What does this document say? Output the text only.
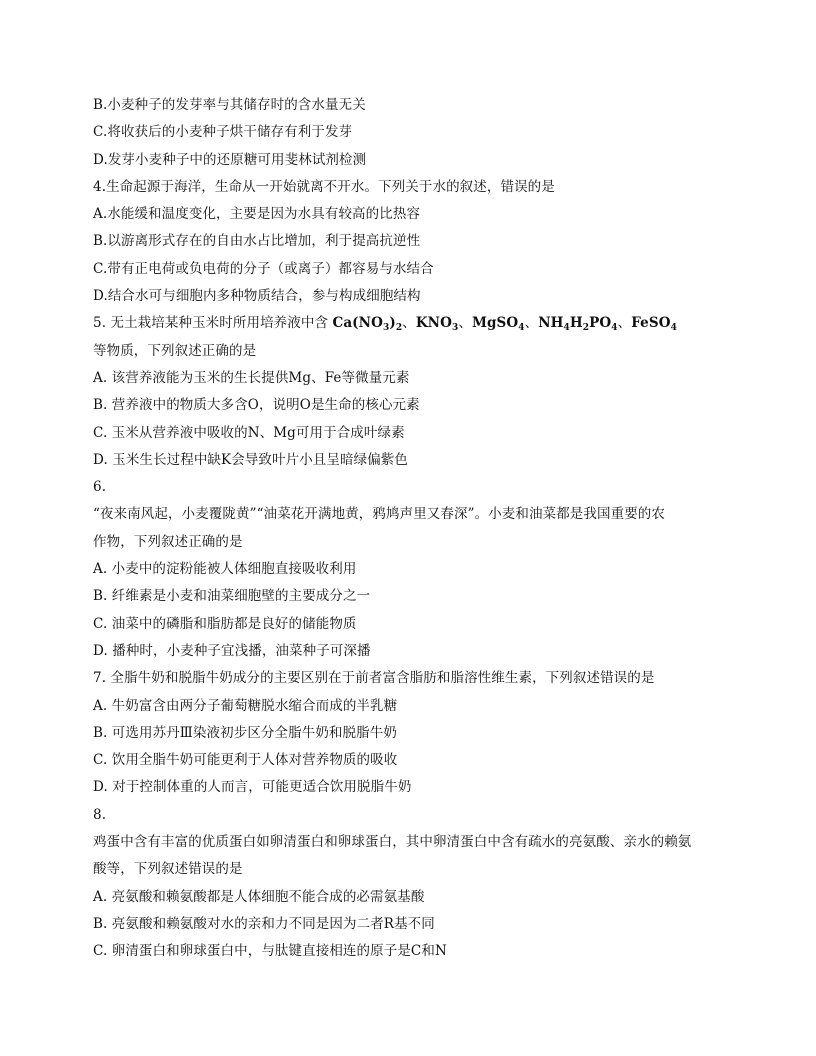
B.小麦种子的发芽率与其储存时的含水量无关
C.将收获后的小麦种子烘干储存有利于发芽
D.发芽小麦种子中的还原糖可用斐林试剂检测
4.生命起源于海洋，生命从一开始就离不开水。下列关于水的叙述，错误的是
A.水能缓和温度变化，主要是因为水具有较高的比热容
B.以游离形式存在的自由水占比增加，利于提高抗逆性
C.带有正电荷或负电荷的分子（或离子）都容易与水结合
D.结合水可与细胞内多种物质结合，参与构成细胞结构
5. 无土栽培某种玉米时所用培养液中含 $Ca(NO_3)_2$、$KNO_3$、MgSO$_4$、$NH_4H_2PO_4$、FeSO$_4$
等物质，下列叙述正确的是
A. 该营养液能为玉米的生长提供Mg、Fe等微量元素
B. 营养液中的物质大多含O，说明O是生命的核心元素
C. 玉米从营养液中吸收的N、Mg可用于合成叶绿素
D. 玉米生长过程中缺K会导致叶片小且呈暗绿偏紫色
6.
“夜来南风起，小麦覆陇黄”“油菜花开满地黄，鸦鸠声里又春深”。小麦和油菜都是我国重要的农
作物，下列叙述正确的是
A. 小麦中的淀粉能被人体细胞直接吸收利用
B. 纤维素是小麦和油菜细胞壁的主要成分之一
C. 油菜中的磷脂和脂肪都是良好的储能物质
D. 播种时，小麦种子宜浅播，油菜种子可深播
7. 全脂牛奶和脱脂牛奶成分的主要区别在于前者富含脂肪和脂溶性维生素，下列叙述错误的是
A. 牛奶富含由两分子葡萄糖脱水缩合而成的半乳糖
B. 可选用苏丹Ⅲ染液初步区分全脂牛奶和脱脂牛奶
C. 饮用全脂牛奶可能更利于人体对营养物质的吸收
D. 对于控制体重的人而言，可能更适合饮用脱脂牛奶
8.
鸡蛋中含有丰富的优质蛋白如卵清蛋白和卵球蛋白，其中卵清蛋白中含有疏水的亮氨酸、亲水的赖氨
酸等，下列叙述错误的是
A. 亮氨酸和赖氨酸都是人体细胞不能合成的必需氨基酸
B. 亮氨酸和赖氨酸对水的亲和力不同是因为二者R基不同
C. 卵清蛋白和卵球蛋白中，与肽键直接相连的原子是C和N
